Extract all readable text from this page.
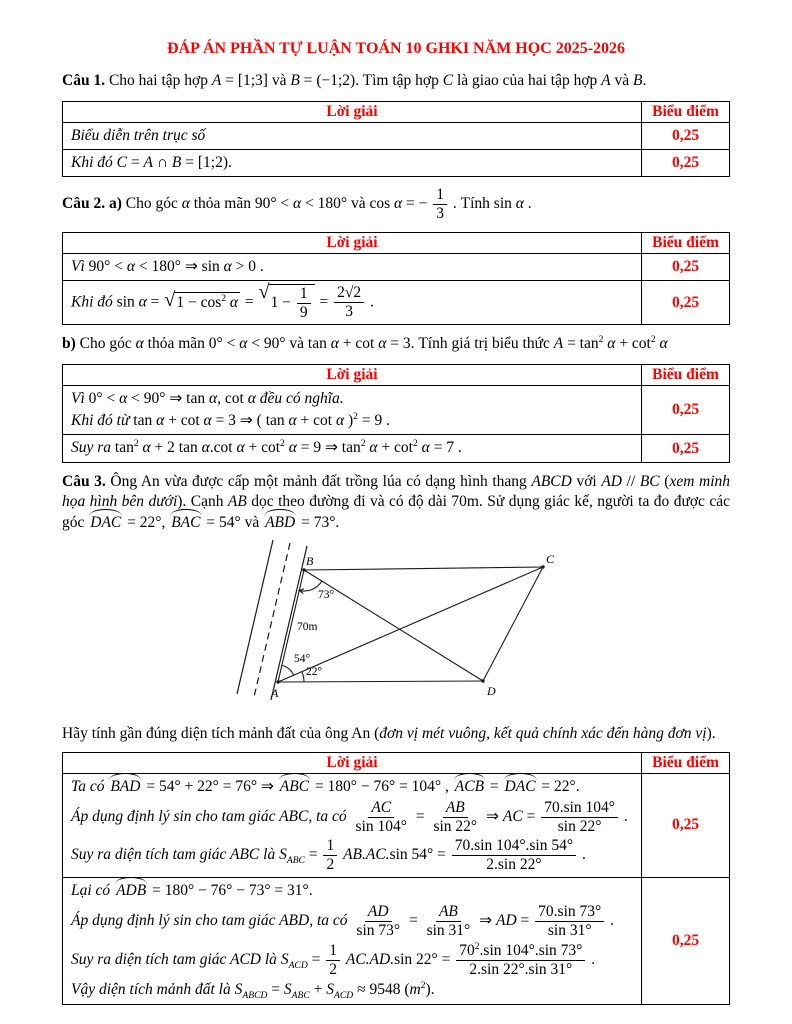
ĐÁP ÁN PHẦN TỰ LUẬN TOÁN 10 GHKI NĂM HỌC 2025-2026

Câu 1. Cho hai tập hợp A = [1;3] và B = (−1;2). Tìm tập hợp C là giao của hai tập hợp A và B.

Lời giải	Biểu điểm

Biểu diễn trên trục số	0,25

Khi đó C = A ∩ B = [1;2).	0,25

Câu 2. a) Cho góc α thỏa mãn 90° < α < 180° và cos α = − $\frac{1}{3}$ . Tính sin α .

Lời giải	Biểu điểm

Vì 90° < α < 180° ⇒ sin α > 0 .	0,25

Khi đó sin α = √ $1 - \cos^2 \alpha$ = √ $1 - \frac{1}{9} = \frac{2√2}{3}$ .	0,25

b) Cho góc α thỏa mãn 0° < α < 90° và tan α + cot α = 3. Tính giá trị biểu thức $A = \tan^2 \alpha + \cot^2 \alpha$

Lời giải	Biểu điểm

Vì 0° < α < 90° ⇒ tan α, cot α đều có nghĩa.
Khi đó từ tan α + cot α = 3 ⇒ ( tan α + cot α )$^2$ = 9 .	0,25

Suy ra $\tan^2 \alpha + 2$ tan α.cot $\alpha + \cot^2 \alpha = 9$ ⇒ $\tan^2 \alpha + \cot^2 \alpha = 7$ .	0,25

Câu 3. Ông An vừa được cấp một mảnh đất trồng lúa có dạng hình thang ABCD với AD // BC (xem minh họa hình bên dưới). Cạnh AB dọc theo đường đi và có độ dài 70m. Sử dụng giác kế, người ta đo được các góc DAC = 22°, BAC = 54° và ABD = 73°.

B	C
A	D
70m
73°
54°
22°

Hãy tính gần đúng diện tích mảnh đất của ông An (đơn vị mét vuông, kết quả chính xác đến hàng đơn vị).

Lời giải	Biểu điểm

Ta có BAD = 54° + 22° = 76° ⇒ ABC = 180° − 76° = 104° , ACB = DAC = 22°.
Áp dụng định lý sin cho tam giác ABC, ta có $\frac{AC}{\sin 104^\circ} = \frac{AB}{\sin 22^\circ}$ ⇒ AC = $\frac{70.\sin 104^\circ}{\sin 22^\circ}$ .
Suy ra diện tích tam giác ABC là $S_{ABC} = \frac{1}{2} AB.AC.\sin$ $54^\circ = \frac{70.\sin 104^\circ.\sin 54^\circ}{2.\sin 22^\circ}$ .
	0,25

Lại có ADB = 180° − 76° − 73° = 31°.
Áp dụng định lý sin cho tam giác ABD, ta có $\frac{AD}{\sin 73^\circ} = \frac{AB}{\sin 31^\circ}$ ⇒ AD = $\frac{70.\sin 73^\circ}{\sin 31^\circ}$ .
Suy ra diện tích tam giác ACD là $S_{ACD} = \frac{1}{2} AC.AD.\sin$ $22^\circ = \frac{70^2.\sin 104^\circ.\sin 73^\circ}{2.\sin 22^\circ.\sin 31^\circ}$ .
Vậy diện tích mảnh đất là $S_{ABCD} = S_{ABC} + S_{ACD} \approx 9548$ $(m^2)$.
	0,25
